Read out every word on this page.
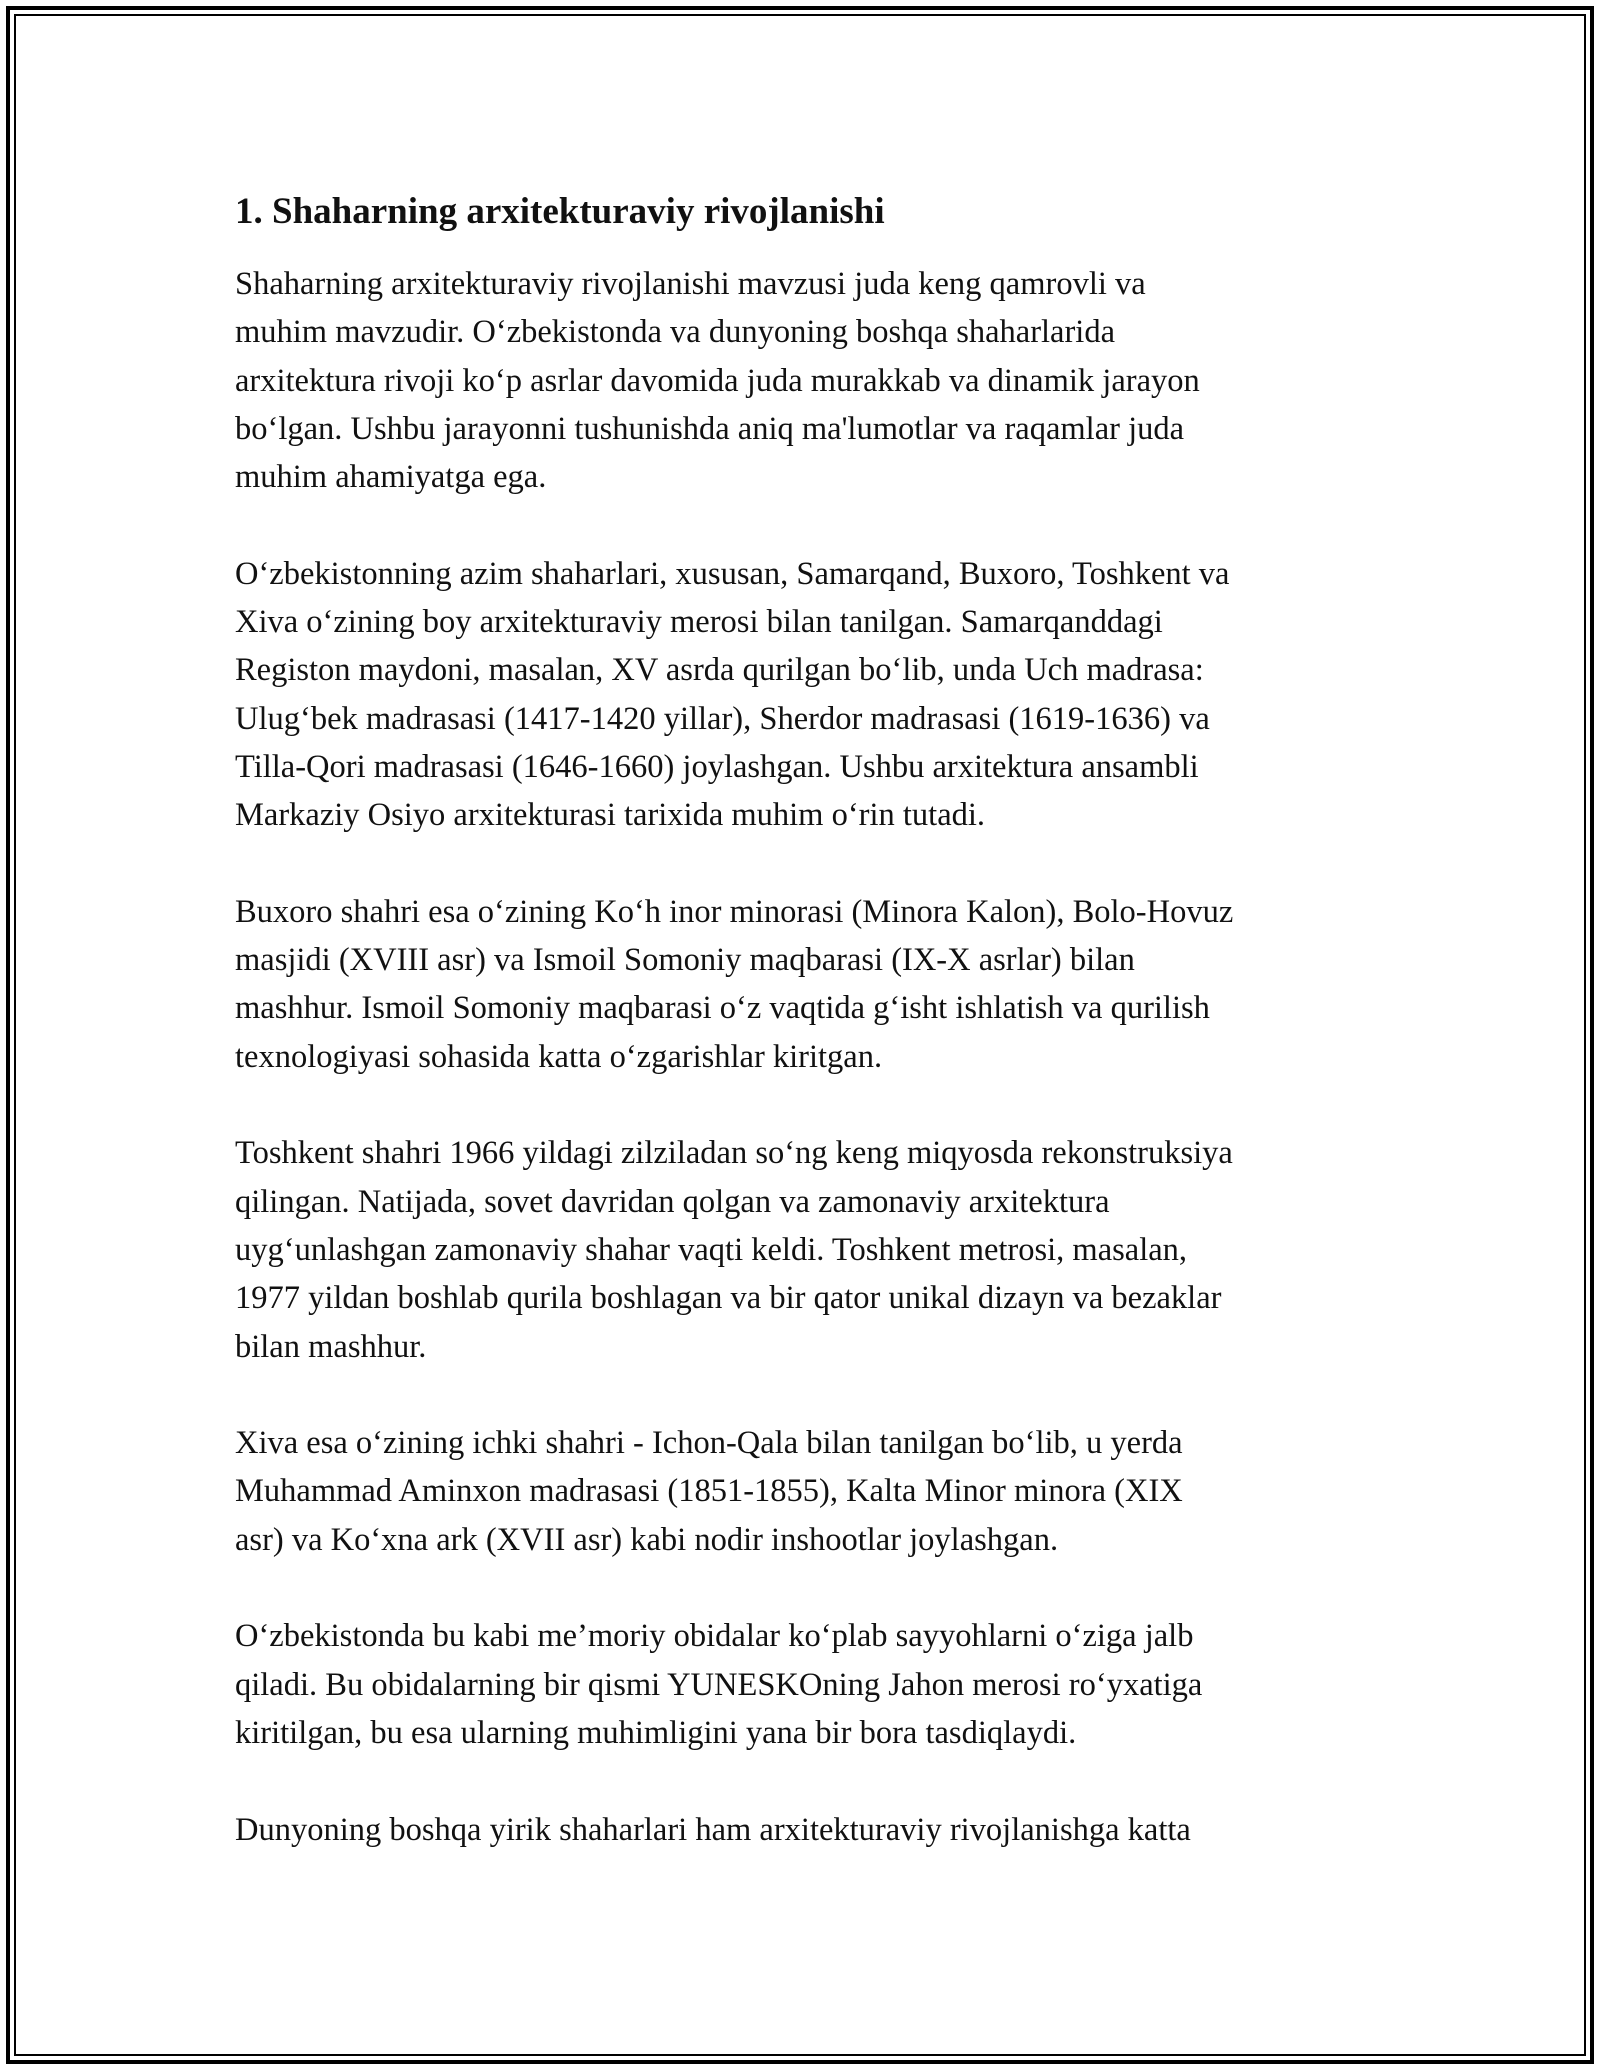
1. Shaharning arxitekturaviy rivojlanishi
Shaharning arxitekturaviy rivojlanishi mavzusi juda keng qamrovli va
muhim mavzudir. O‘zbekistonda va dunyoning boshqa shaharlarida
arxitektura rivoji ko‘p asrlar davomida juda murakkab va dinamik jarayon
bo‘lgan. Ushbu jarayonni tushunishda aniq ma'lumotlar va raqamlar juda
muhim ahamiyatga ega.
O‘zbekistonning azim shaharlari, xususan, Samarqand, Buxoro, Toshkent va
Xiva o‘zining boy arxitekturaviy merosi bilan tanilgan. Samarqanddagi
Registon maydoni, masalan, XV asrda qurilgan bo‘lib, unda Uch madrasa:
Ulug‘bek madrasasi (1417-1420 yillar), Sherdor madrasasi (1619-1636) va
Tilla-Qori madrasasi (1646-1660) joylashgan. Ushbu arxitektura ansambli
Markaziy Osiyo arxitekturasi tarixida muhim o‘rin tutadi.
Buxoro shahri esa o‘zining Ko‘h inor minorasi (Minora Kalon), Bolo-Hovuz
masjidi (XVIII asr) va Ismoil Somoniy maqbarasi (IX-X asrlar) bilan
mashhur. Ismoil Somoniy maqbarasi o‘z vaqtida g‘isht ishlatish va qurilish
texnologiyasi sohasida katta o‘zgarishlar kiritgan.
Toshkent shahri 1966 yildagi zilziladan so‘ng keng miqyosda rekonstruksiya
qilingan. Natijada, sovet davridan qolgan va zamonaviy arxitektura
uyg‘unlashgan zamonaviy shahar vaqti keldi. Toshkent metrosi, masalan,
1977 yildan boshlab qurila boshlagan va bir qator unikal dizayn va bezaklar
bilan mashhur.
Xiva esa o‘zining ichki shahri - Ichon-Qala bilan tanilgan bo‘lib, u yerda
Muhammad Aminxon madrasasi (1851-1855), Kalta Minor minora (XIX
asr) va Ko‘xna ark (XVII asr) kabi nodir inshootlar joylashgan.
O‘zbekistonda bu kabi me’moriy obidalar ko‘plab sayyohlarni o‘ziga jalb
qiladi. Bu obidalarning bir qismi YUNESKOning Jahon merosi ro‘yxatiga
kiritilgan, bu esa ularning muhimligini yana bir bora tasdiqlaydi.
Dunyoning boshqa yirik shaharlari ham arxitekturaviy rivojlanishga katta
